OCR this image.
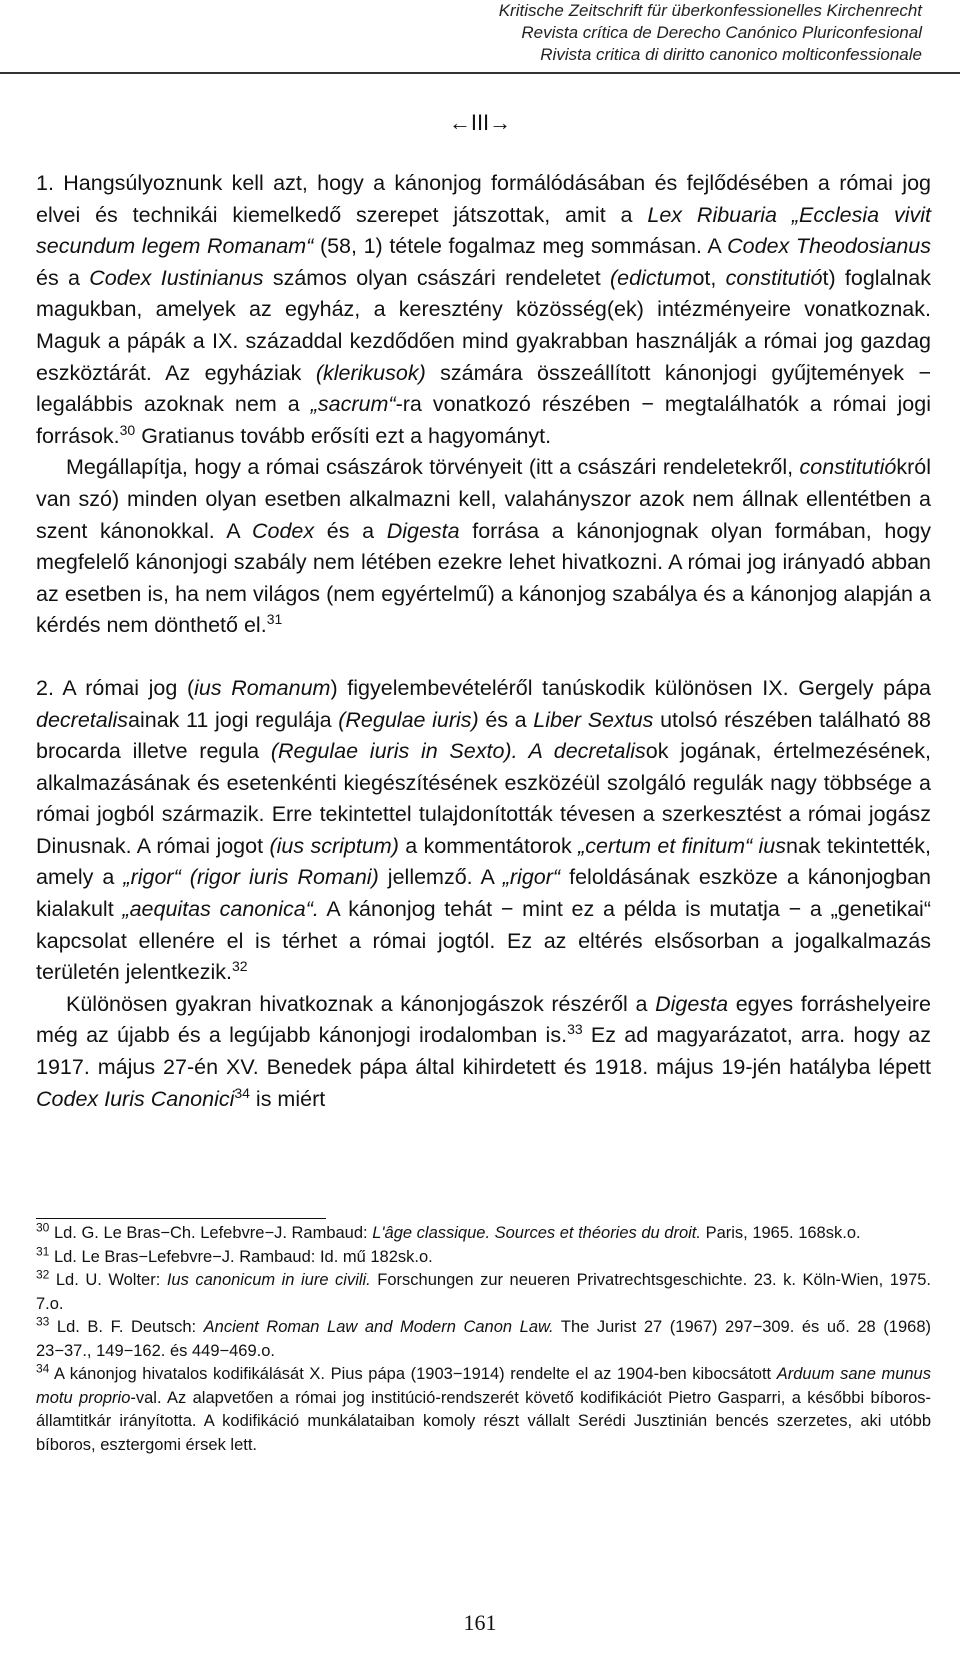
Kritische Zeitschrift für überkonfessionelles Kirchenrecht
Revista crítica de Derecho Canónico Pluriconfesional
Rivista critica di diritto canonico molticonfessionale
←III→

1. Hangsúlyoznunk kell azt, hogy a kánonjog formálódásában és fejlődésében a római jog elvei és technikái kiemelkedő szerepet játszottak, amit a Lex Ribuaria „Ecclesia vivit secundum legem Romanam“ (58, 1) tétele fogalmaz meg sommásan. A Codex Theodosianus és a Codex Iustinianus számos olyan császári rendeletet (edictumot, constitutiót) foglalnak magukban, amelyek az egyház, a keresztény közösség(ek) intézményeire vonatkoznak. Maguk a pápák a IX. századdal kezdődően mind gyakrabban használják a római jog gazdag eszköztárát. Az egyháziak (klerikusok) számára összeállított kánonjogi gyűjtemények − legalábbis azoknak nem a „sacrum“-ra vonatkozó részében − megtalálhatók a római jogi források.$^{30}$ Gratianus tovább erősíti ezt a hagyományt.

Megállapítja, hogy a római császárok törvényeit (itt a császári rendeletekről, constitutiókról van szó) minden olyan esetben alkalmazni kell, valahányszor azok nem állnak ellentétben a szent kánonokkal. A Codex és a Digesta forrása a kánonjognak olyan formában, hogy megfelelő kánonjogi szabály nem létében ezekre lehet hivatkozni. A római jog irányadó abban az esetben is, ha nem világos (nem egyértelmű) a kánonjog szabálya és a kánonjog alapján a kérdés nem dönthető el.$^{31}$

2. A római jog (ius Romanum) figyelembevételéről tanúskodik különösen IX. Gergely pápa decretalisainak 11 jogi regulája (Regulae iuris) és a Liber Sextus utolsó részében található 88 brocarda illetve regula (Regulae iuris in Sexto). A decretalisok jogának, értelmezésének, alkalmazásának és esetenkénti kiegészítésének eszközéül szolgáló regulák nagy többsége a római jogból származik. Erre tekintettel tulajdonították tévesen a szerkesztést a római jogász Dinusnak. A római jogot (ius scriptum) a kommentátorok „certum et finitum“ iusnak tekintették, amely a „rigor“ (rigor iuris Romani) jellemző. A „rigor“ feloldásának eszköze a kánonjogban kialakult „aequitas canonica“. A kánonjog tehát − mint ez a példa is mutatja − a „genetikai“ kapcsolat ellenére el is térhet a római jogtól. Ez az eltérés elsősorban a jogalkalmazás területén jelentkezik.$^{32}$

Különösen gyakran hivatkoznak a kánonjogászok részéről a Digesta egyes forráshelyeire még az újabb és a legújabb kánonjogi irodalomban is.$^{33}$ Ez ad magyarázatot, arra. hogy az 1917. május 27-én XV. Benedek pápa által kihirdetett és 1918. május 19-jén hatályba lépett Codex Iuris Canonici$^{34}$ is miért

$^{30}$ Ld. G. Le Bras−Ch. Lefebvre−J. Rambaud: L'âge classique. Sources et théories du droit. Paris, 1965. 168sk.o.

$^{31}$ Ld. Le Bras−Lefebvre−J. Rambaud: Id. mű 182sk.o.

$^{32}$ Ld. U. Wolter: Ius canonicum in iure civili. Forschungen zur neueren Privatrechtsgeschichte. 23. k. Köln-Wien, 1975. 7.o.

$^{33}$ Ld. B. F. Deutsch: Ancient Roman Law and Modern Canon Law. The Jurist 27 (1967) 297−309. és uő. 28 (1968) 23−37., 149−162. és 449−469.o.

$^{34}$ A kánonjog hivatalos kodifikálását X. Pius pápa (1903−1914) rendelte el az 1904-ben kibocsátott Arduum sane munus motu proprio-val. Az alapvetően a római jog institúció-rendszerét követő kodifikációt Pietro Gasparri, a későbbi bíboros-államtitkár irányította. A kodifikáció munkálataiban komoly részt vállalt Serédi Jusztinián bencés szerzetes, aki utóbb bíboros, esztergomi érsek lett.

161
